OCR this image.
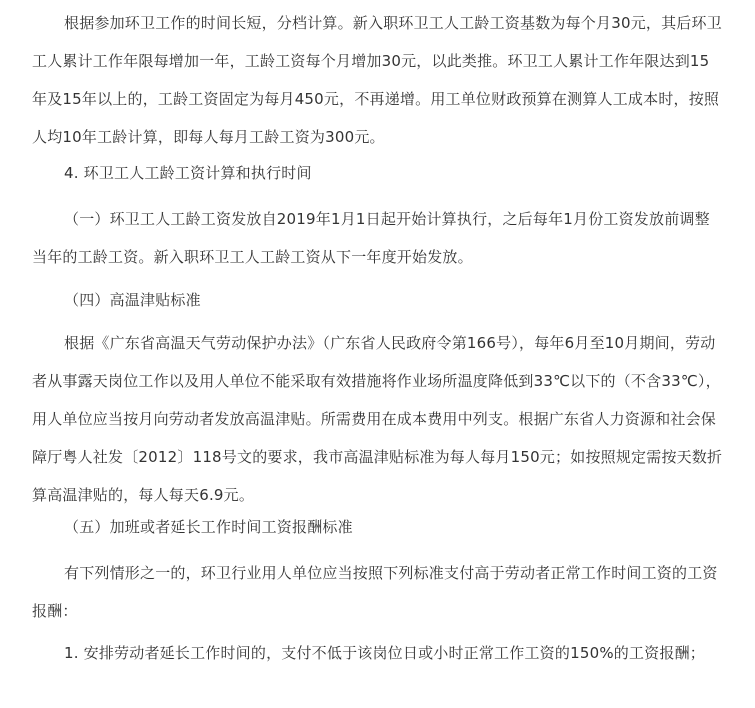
根据参加环卫工作的时间长短，分档计算。新入职环卫工人工龄工资基数为每个月30元，其后环卫工人累计工作年限每增加一年，工龄工资每个月增加30元，以此类推。环卫工人累计工作年限达到15年及15年以上的，工龄工资固定为每月450元，不再递增。用工单位财政预算在测算人工成本时，按照人均10年工龄计算，即每人每月工龄工资为300元。

4. 环卫工人工龄工资计算和执行时间

（一）环卫工人工龄工资发放自2019年1月1日起开始计算执行，之后每年1月份工资发放前调整当年的工龄工资。新入职环卫工人工龄工资从下一年度开始发放。

（四）高温津贴标准

根据《广东省高温天气劳动保护办法》（广东省人民政府令第166号），每年6月至10月期间，劳动者从事露天岗位工作以及用人单位不能采取有效措施将作业场所温度降低到33℃以下的（不含33℃），用人单位应当按月向劳动者发放高温津贴。所需费用在成本费用中列支。根据广东省人力资源和社会保障厅粤人社发〔2012〕118号文的要求，我市高温津贴标准为每人每月150元；如按照规定需按天数折算高温津贴的，每人每天6.9元。

（五）加班或者延长工作时间工资报酬标准

有下列情形之一的，环卫行业用人单位应当按照下列标准支付高于劳动者正常工作时间工资的工资报酬：

1. 安排劳动者延长工作时间的，支付不低于该岗位日或小时正常工作工资的150%的工资报酬；
